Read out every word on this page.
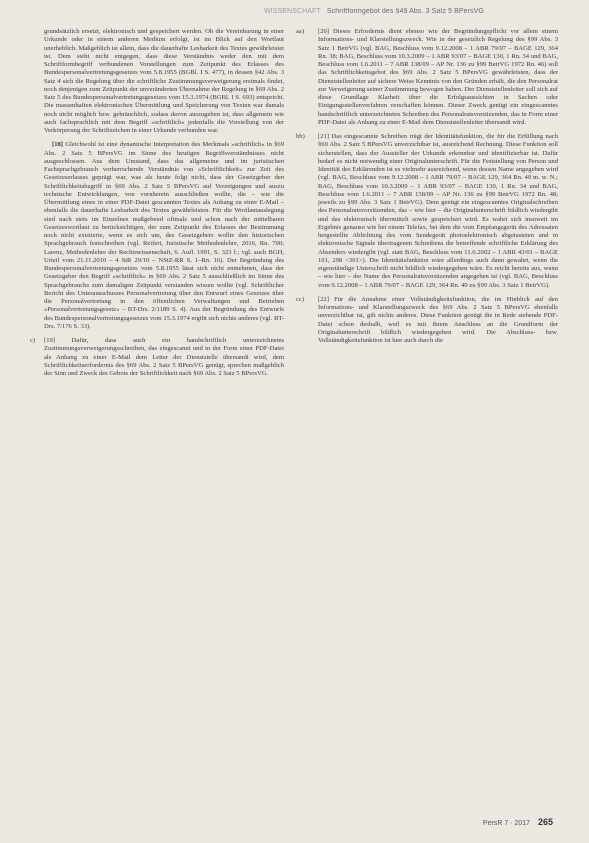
WISSENSCHAFT Schriftformgebot des §49 Abs. 3 Satz 5 BPersVG

grundsätzlich ersetzt, elektronisch und gespeichert werden. Ob die Vereinbarung in einer Urkunde oder in einem anderen Medium erfolgt, ist im Blick auf den Wortlaut unerheblich. Maßgeblich ist allein, dass die dauerhafte Lesbarkeit des Textes gewährleistet ist. Dem steht nicht entgegen, dass diese Verständnis weder den mit dem Schriftformbegriff verbundenen Vorstellungen zum Zeitpunkt des Erlasses des Bundespersonalvertretungsgesetzes vom 5.8.1955 (BGBl. I S. 477), in dessen §42 Abs. 3 Satz 4 sich die Regelung über die schriftliche Zustimmungsverweigerung erstmals findet, noch denjenigen zum Zeitpunkt der unveränderten Übernahme der Regelung in §69 Abs. 2 Satz 5 des Bundespersonalvertretungsgesetzes vom 15.3.1974 (BGBl. I S. 693) entspricht. Die massenhaften elektronischen Übermittlung und Speicherung von Texten war damals noch nicht möglich bzw. gebräuchlich, sodass davon auszugehen ist, dass allgemein wie auch fachsprachlich mit dem Begriff »schriftlich« jedenfalls die Vorstellung von der Verkörperung der Schriftzeichen in einer Urkunde verbunden war.

[18] Gleichwohl ist eine dynamische Interpretation des Merkmals »schriftlich« in §69 Abs. 2 Satz 5 BPersVG im Sinne des heutigen Begriffsverständnisses nicht ausgeschlossen. Aus dem Umstand, dass das allgemeine und im juristischen Fachsprachgebrauch vorherrschende Verständnis von »Schriftlichkeit« zur Zeit des Gesetzeserlasses geprägt war, was als heute folgt nicht, dass der Gesetzgeber den Schriftlichkeitsbegriff in §69 Abs. 2 Satz 5 BPersVG auf Verzeigungen und auszu technische Entwicklungen, von vornherein ausschließen wollte, die – wie die Übermittlung eines in einer PDF-Datei gescannten Textes als Anhang zu einer E-Mail – ebenfalls die dauerhafte Lesbarkeit des Textes gewährleisten. Für die Wortlautauslegung sind nach stets im Einzelnes maßgebend oftmals und schon nach der mittelbaren Gesetzeswortlaut zu berücksichtigen, der zum Zeitpunkt des Erlasses der Bestimmung noch nicht existierte, wenn es sich um, des Gesetzgebers wollte den historischen Sprachgebrauch festschreiben (vgl. Reifert, Juristische Methodenlehre, 2016, Rn. 700; Larenz, Methodenlehre der Rechtswissenschaft, 6. Aufl. 1991, S. 323 f.; vgl. auch BGH, Urteil vom 21.11.2010 – 4 StR 29/10 – NStZ-RR S. 1–Rn. 16). Der Begründung des Bundespersonalvertretungsgesetzes vom 5.8.1955 lässt sich nicht entnehmen, dass der Gesetzgeber den Begriff »schriftlich« in §69 Abs. 2 Satz 5 ausschließlich im Sinne des Sprachgebrauchs zum damaligen Zeitpunkt verstanden wissen wollte (vgl. Schriftlicher Bericht des Unterausschusses Personalvertretung über den Entwurf eines Gesetzes über die Personalvertretung in den öffentlichen Verwaltungen und Betrieben »Personalvertretungsgesetz« – BT-Drs. 2/1189 S. 4). Aus der Begründung des Entwurfs des Bundespersonalvertretungsgesetzes vom 15.3.1974 ergibt sich nichts anderes (vgl. BT-Drs. 7/176 S. 33).

c) [19] Dafür, dass auch ein handschriftlich unterzeichnetes Zustimmungsverweigerungsschreiben, das eingescannt und in der Form einer PDF-Datei als Anhang zu einer E-Mail dem Leiter der Dienststelle übersandt wird, dem Schriftlichkeitserfordernis des §69 Abs. 2 Satz 5 BPersVG genügt, sprechen maßgeblich der Sinn und Zweck des Gebots der Schriftlichkeit nach §69 Abs. 2 Satz 5 BPersVG.

aa) [20] Dieses Erfordernis dient ebenso wie der Begründungspflicht vor allem einem Informations- und Klarstellungszweck. Wie in der gesetzlich Regelung des §99 Abs. 3 Satz 1 BetrVG (vgl. BAG, Beschluss vom 9.12.2008 – 1 ABR 79/07 – BAGE 129, 364 Rn. 38; BAG, Beschluss vom 10.3.2009 – 1 ABR 93/07 – BAGE 130, 1 Rn. 34 und BAG, Beschluss vom 1.6.2011 – 7 ABR 138/09 – AP Nr. 136 zu §99 BetrVG 1972 Rn. 46) soll das Schriftlichkeitsgebot des §69 Abs. 2 Satz 5 BPersVG gewährleisten, dass der Dienststellenleiter auf sichere Weise Kenntnis von den Gründen erhält, die den Personalrat zur Verweigerung seiner Zustimmung bewogen haben. Der Dienststellenleiter soll sich auf diese Grundlage Klarheit über die Erfolgsaussichten in Sachen oder Einigungsstellenverfahren verschaffen können. Dieser Zweck genügt ein eingescanntes handschriftlich unterzeichnetes Schreiben des Personalratsvorsitzenden, das in Form einer PDF-Datei als Anhang zu einer E-Mail dem Dienststellenleiter übersandt wird.

bb) [21] Das eingescannte Schreiben trägt der Identitätsfunktion, die für die Erfüllung nach §69 Abs. 2 Satz 5 BPersVG unverzichtbar ist, ausreichend Rechnung. Diese Funktion soll sicherstellen, dass der Aussteller der Urkunde erkennbar und identifizierbar ist. Dafür bedarf es nicht notwendig einer Originalunterschrift. Für die Feststellung von Person und Identität des Erklärenden ist es vielmehr ausreichend, wenn dessen Name angegeben wird (vgl. BAG, Beschluss vom 9.12.2008 – 1 ABR 79/07 – BAGE 129, 364 Rn. 40 m. w. N.; BAG, Beschluss vom 10.3.2009 – 1 ABR 93/07 – BAGE 130, 1 Rn. 34 und BAG, Beschluss vom 1.6.2011 – 7 ABR 138/09 – AP Nr. 136 zu §99 BetrVG 1972 Rn. 48; jeweils zu §99 Abs. 3 Satz 1 BetrVG). Dem genügt ein eingescanntes Originalschreiben des Personalratsvorsitzenden, das – wie hier – die Originalunterschrift bildlich wiedergibt und das elektronisch übermittelt sowie gespeichert wird. Es wahrt sich insoweit im Ergebnis genauso wie bei einem Telefax, bei dem die vom Empfangsgerät des Adressaten hergestellte Ablichtung des vom Sendegerät photoelektronisch abgetasteten und in elektronische Signale übertragenen Schreibens die betreffende schriftliche Erklärung des Absenders wiedergibt (vgl. statt BAG, Beschluss vom 11.6.2002 – 1 ABR 43/01 – BAGE 101, 298 <301>). Die Identitätsfunktion wäre allerdings auch dann gewahrt, wenn die eigenständige Unterschrift nicht bildlich wiedergegeben wäre. Es reicht bereits aus, wenn – wie hier – der Name des Personalratsvorsitzenden angegeben ist (vgl. BAG, Beschluss vom 9.12.2008 – 1 ABR 79/07 – BAGE 129, 364 Rn. 40 zu §99 Abs. 3 Satz 1 BetrVG).

cc) [22] Für die Annahme einer Vollständigkeitsfunktion, die im Hinblick auf den Informations- und Klarstellungszweck des §69 Abs. 2 Satz 5 BPersVG ebenfalls unverzichtbar ist, gilt nichts anderes. Diese Funktion genügt die in Rede stehende PDF-Datei schon deshalb, weil es mit ihrem Anschluss an die Grundform der Originalunterschrift bildlich wiedergegeben wird. Die Abschluss- bzw. Vollständigkeitsfunktion ist hier auch durch die

PersR 7 · 2017 265
